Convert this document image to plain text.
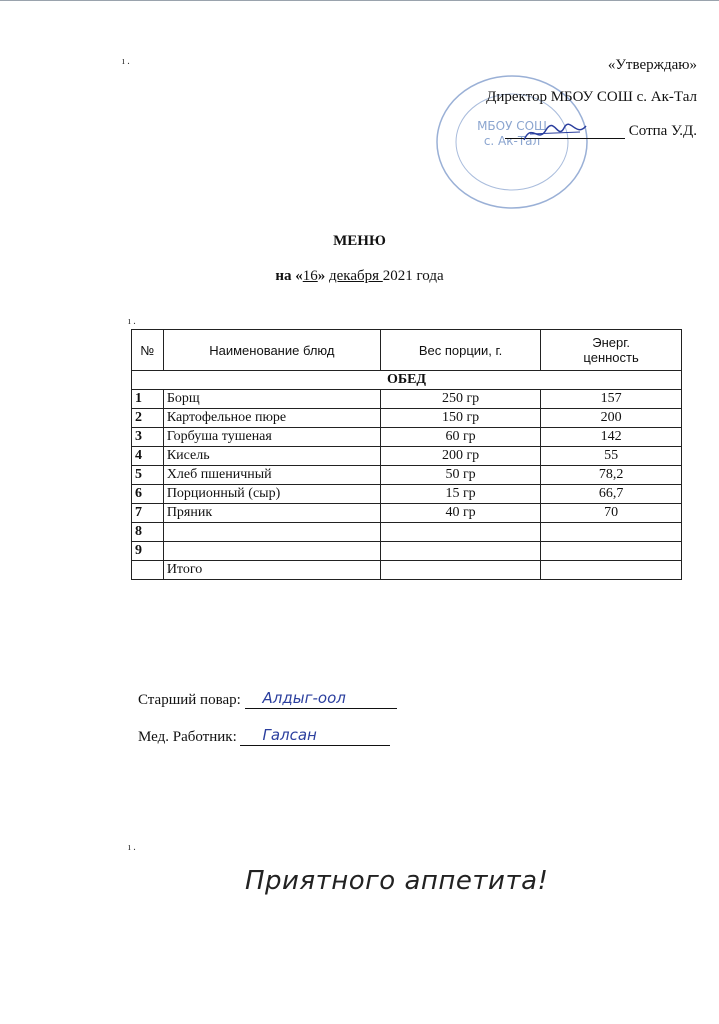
ı .
ı .
ı .
МБОУ СОШ
с. Ак-Тал
«Утверждаю»
Директор МБОУ СОШ с. Ак-Тал
Сотпа У.Д.
МЕНЮ
на «16» декабря 2021 года
№	Наименование блюд	Вес порции, г.	Энерг.
ценность
ОБЕД			
1	Борщ	250 гр	157
2	Картофельное пюре	150 гр	200
3	Горбуша тушеная	60 гр	142
4	Кисель	200 гр	55
5	Хлеб пшеничный	50 гр	78,2
6	Порционный (сыр)	15 гр	66,7
7	Пряник	40 гр	70
8			
9			
	Итого		
Старший повар: Алдыг-оол
Мед. Работник: Галсан
Приятного аппетита!
